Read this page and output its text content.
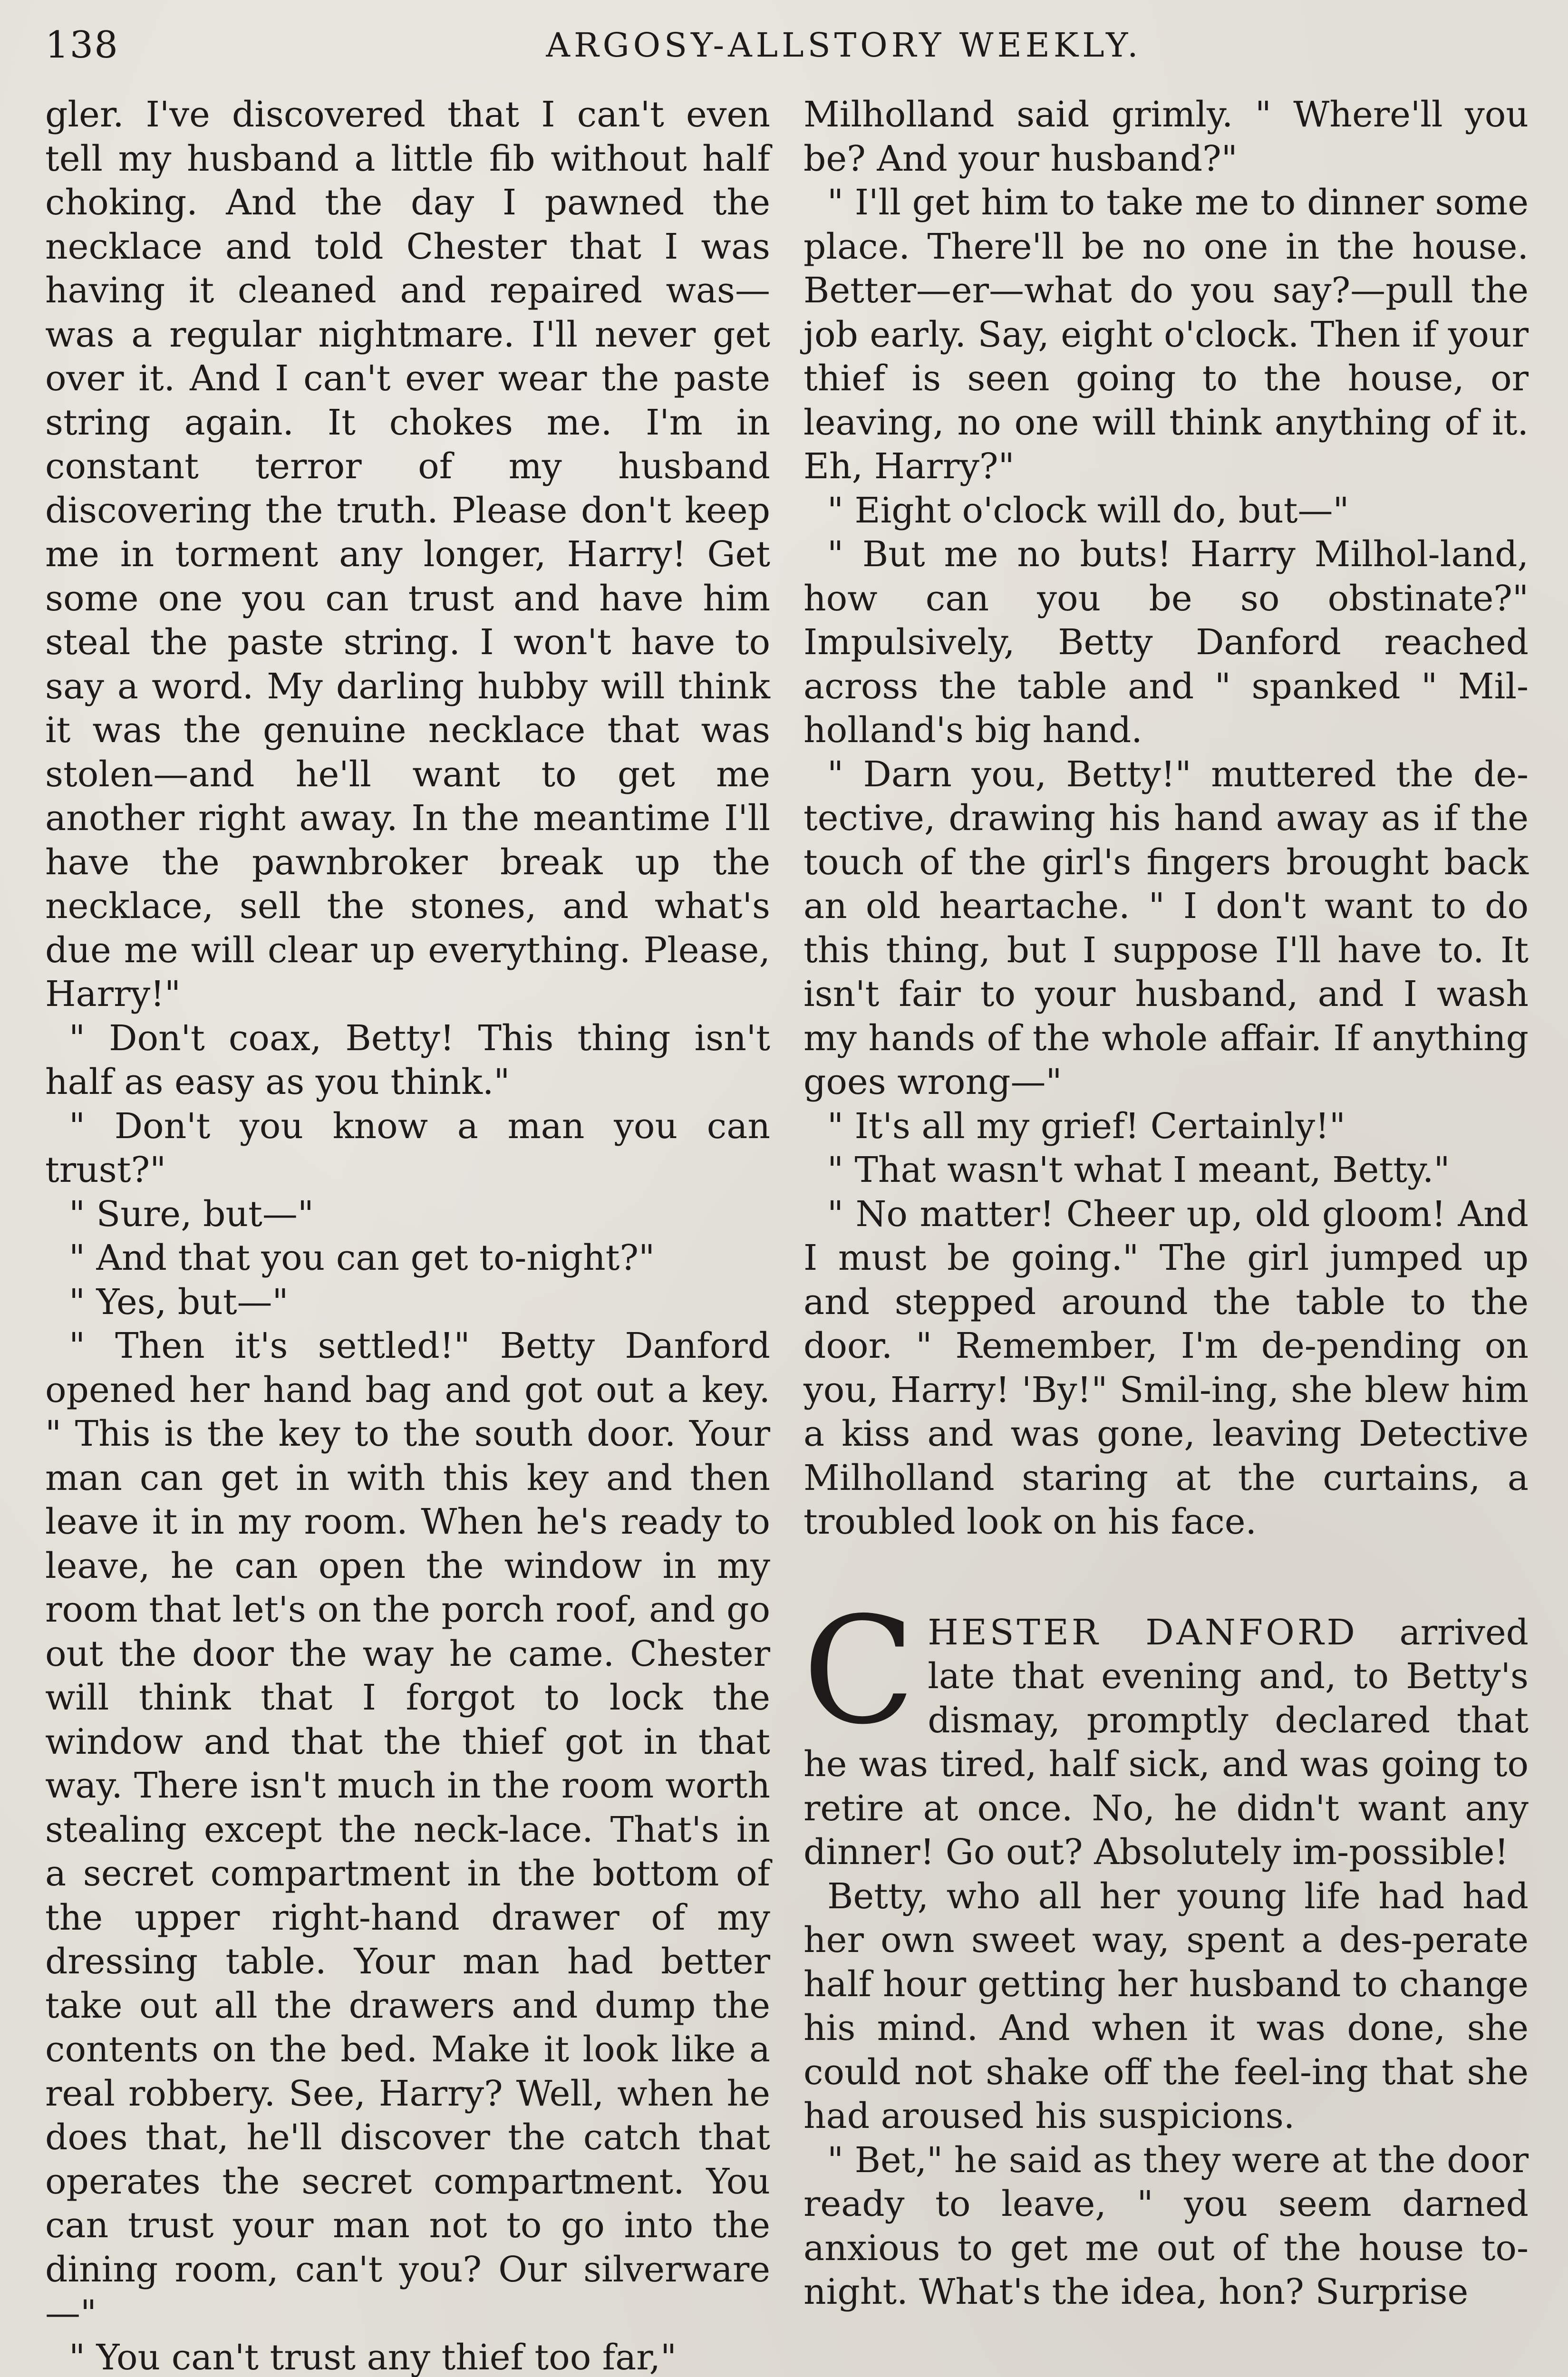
138	ARGOSY-ALLSTORY WEEKLY.

gler. I've discovered that I can't even tell my husband a little fib without half choking. And the day I pawned the necklace and told Chester that I was having it cleaned and repaired was—was a regular nightmare. I'll never get over it. And I can't ever wear the paste string again. It chokes me. I'm in constant terror of my husband discovering the truth. Please don't keep me in torment any longer, Harry! Get some one you can trust and have him steal the paste string. I won't have to say a word. My darling hubby will think it was the genuine necklace that was stolen—and he'll want to get me another right away. In the meantime I'll have the pawnbroker break up the necklace, sell the stones, and what's due me will clear up everything. Please, Harry!"

" Don't coax, Betty! This thing isn't half as easy as you think."

" Don't you know a man you can trust?"

" Sure, but—"

" And that you can get to-night?"

" Yes, but—"

" Then it's settled!" Betty Danford opened her hand bag and got out a key. " This is the key to the south door. Your man can get in with this key and then leave it in my room. When he's ready to leave, he can open the window in my room that let's on the porch roof, and go out the door the way he came. Chester will think that I forgot to lock the window and that the thief got in that way. There isn't much in the room worth stealing except the neck-lace. That's in a secret compartment in the bottom of the upper right-hand drawer of my dressing table. Your man had better take out all the drawers and dump the contents on the bed. Make it look like a real robbery. See, Harry? Well, when he does that, he'll discover the catch that operates the secret compartment. You can trust your man not to go into the dining room, can't you? Our silverware—"

" You can't trust any thief too far,"

Milholland said grimly. " Where'll you be? And your husband?"

" I'll get him to take me to dinner some place. There'll be no one in the house. Better—er—what do you say?—pull the job early. Say, eight o'clock. Then if your thief is seen going to the house, or leaving, no one will think anything of it. Eh, Harry?"

" Eight o'clock will do, but—"

" But me no buts! Harry Milhol-land, how can you be so obstinate?" Impulsively, Betty Danford reached across the table and " spanked " Mil-holland's big hand.

" Darn you, Betty!" muttered the de-tective, drawing his hand away as if the touch of the girl's fingers brought back an old heartache. " I don't want to do this thing, but I suppose I'll have to. It isn't fair to your husband, and I wash my hands of the whole affair. If anything goes wrong—"

" It's all my grief! Certainly!"

" That wasn't what I meant, Betty."

" No matter! Cheer up, old gloom! And I must be going." The girl jumped up and stepped around the table to the door. " Remember, I'm de-pending on you, Harry! 'By!" Smil-ing, she blew him a kiss and was gone, leaving Detective Milholland staring at the curtains, a troubled look on his face.

CHESTER DANFORD arrived late that evening and, to Betty's dismay, promptly declared that he was tired, half sick, and was going to retire at once. No, he didn't want any dinner! Go out? Absolutely im-possible!

Betty, who all her young life had had her own sweet way, spent a des-perate half hour getting her husband to change his mind. And when it was done, she could not shake off the feel-ing that she had aroused his suspicions.

" Bet," he said as they were at the door ready to leave, " you seem darned anxious to get me out of the house to-night. What's the idea, hon? Surprise
